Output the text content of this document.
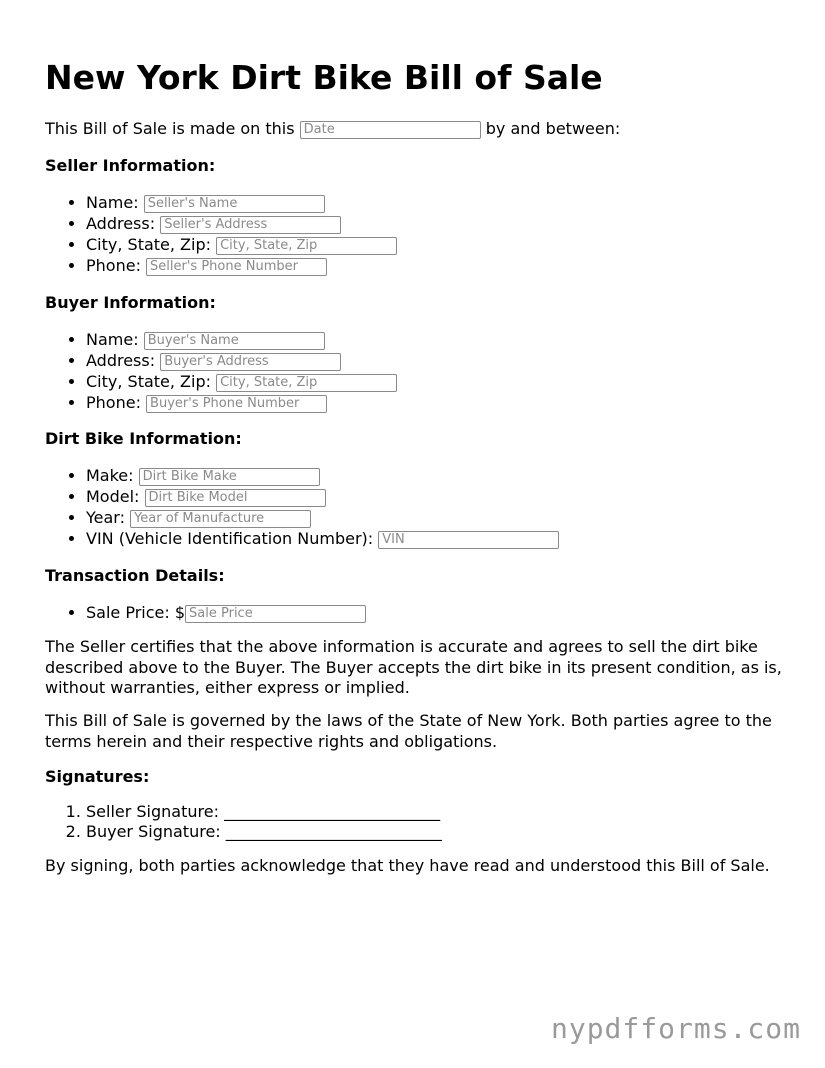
New York Dirt Bike Bill of Sale
This Bill of Sale is made on this Date	by and between:
Seller Information:
• Name: Seller's Name
• Address: Seller's Address
• City, State, Zip: City, State, Zip
• Phone: Seller's Phone Number
Buyer Information:
• Name: Buyer's Name
• Address: Buyer's Address
• City, State, Zip: City, State, Zip
• Phone: Buyer's Phone Number
Dirt Bike Information:
• Make: Dirt Bike Make
• Model: Dirt Bike Model
• Year: Year of Manufacture
• VIN (Vehicle Identification Number): VIN
Transaction Details:
• Sale Price: $Sale Price

The Seller certifies that the above information is accurate and agrees to sell the dirt bike described above to the Buyer. The Buyer accepts the dirt bike in its present condition, as is, without warranties, either express or implied.

This Bill of Sale is governed by the laws of the State of New York. Both parties agree to the terms herein and their respective rights and obligations.

Signatures:
1. Seller Signature: ___________________________
2. Buyer Signature: ___________________________

By signing, both parties acknowledge that they have read and understood this Bill of Sale.

nypdfforms.com
